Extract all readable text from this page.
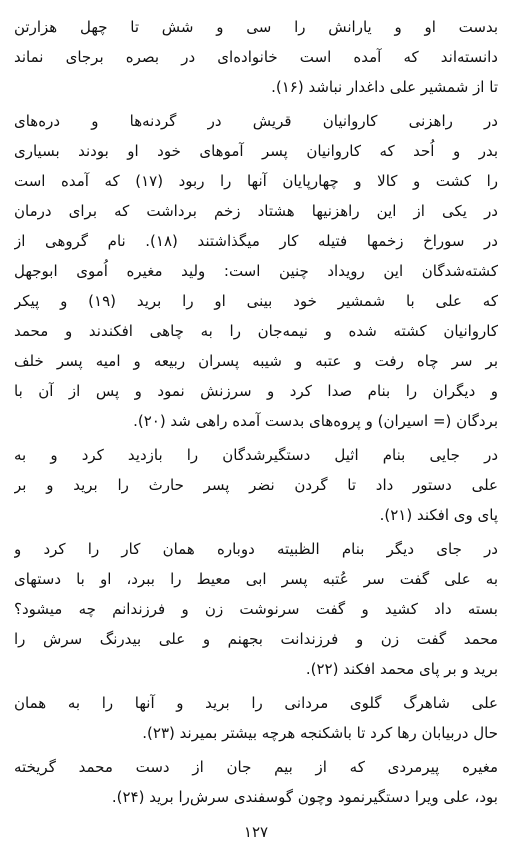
بدست او و یارانش را سی و شش تا چهل هزارتن
دانسته‌اند که آمده است خانواده‌ای در بصره برجای نماند
تا از شمشیر علی داغدار نباشد (۱۶).
در راهزنی کاروانیان قریش در گردنه‌ها و دره‌های
بدر و اُحد که کاروانیان پسر آموهای خود او بودند بسیاری
را کشت و کالا و چهارپایان آنها را ربود (۱۷) که آمده است
در یکی از این راهزنیها هشتاد زخم برداشت که برای درمان
در سوراخ زخمها فتیله کار میگذاشتند (۱۸). نام گروهی از
کشته‌شدگان این رویداد چنین است: ولید مغیره اُموی ابوجهل
که علی با شمشیر خود بینی او را برید (۱۹) و پیکر
کاروانیان کشته شده و نیمه‌جان را به چاهی افکندند و محمد
بر سر چاه رفت و عتبه و شیبه پسران ربیعه و امیه پسر خلف
و دیگران را بنام صدا کرد و سرزنش نمود و پس از آن با
بردگان (= اسیران) و پروه‌های بدست آمده راهی شد (۲۰).
در جایی بنام اثیل دستگیرشدگان را بازدید کرد و به
علی دستور داد تا گردن نضر پسر حارث را برید و بر
پای وی افکند (۲۱).
در جای دیگر بنام الظبیته دوباره همان کار را کرد و
به علی گفت سر عُتبه پسر ابی معیط را ببرد، او با دستهای
بسته داد کشید و گفت سرنوشت زن و فرزندانم چه میشود؟
محمد گفت زن و فرزندانت بجهنم و علی بیدرنگ سرش را
برید و بر پای محمد افکند (۲۲).
علی شاهرگ گلوی مردانی را برید و آنها را به همان
حال دربیابان رها کرد تا باشکنجه هرچه بیشتر بمیرند (۲۳).
مغیره پیرمردی که از بیم جان از دست محمد گریخته
بود، علی ویرا دستگیرنمود وچون گوسفندی سرش‌را برید (۲۴).
۱۲۷
